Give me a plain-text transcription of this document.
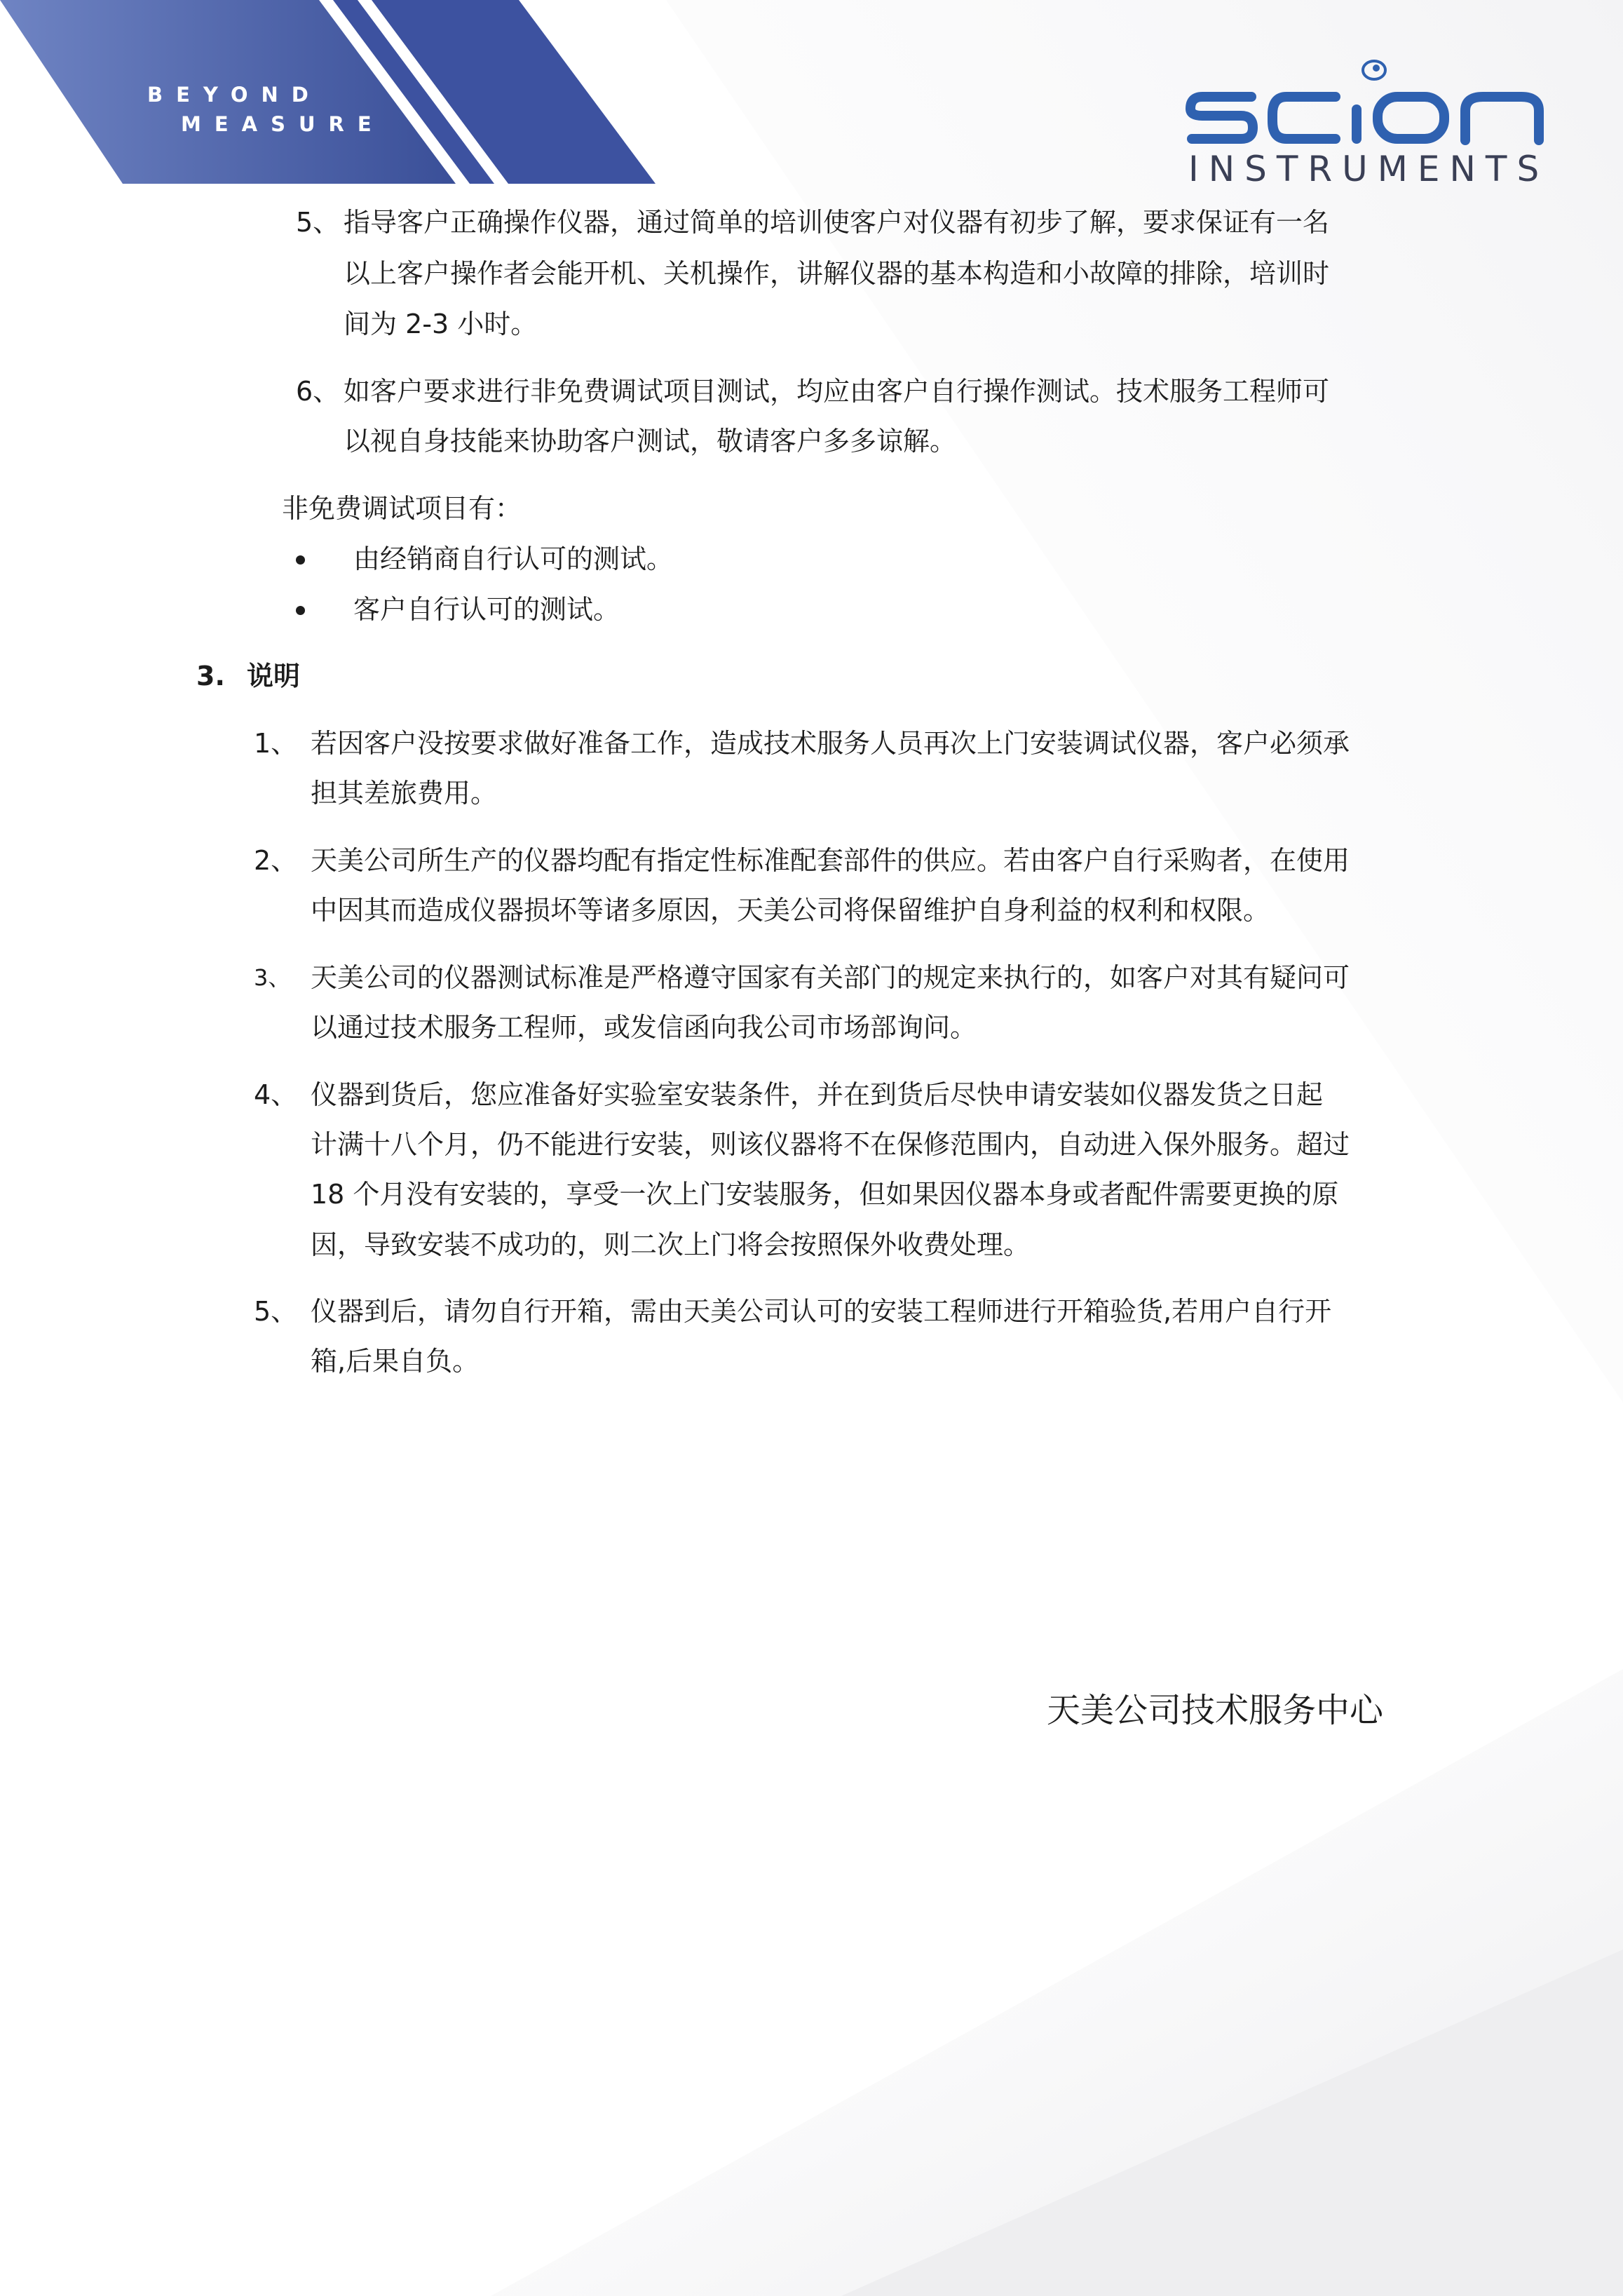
BEYOND
MEASURE
INSTRUMENTS
5、 指导客户正确操作仪器，通过简单的培训使客户对仪器有初步了解，要求保证有一名
以上客户操作者会能开机、关机操作，讲解仪器的基本构造和小故障的排除，培训时
间为 2-3 小时。
6、 如客户要求进行非免费调试项目测试，均应由客户自行操作测试。技术服务工程师可
以视自身技能来协助客户测试，敬请客户多多谅解。
非免费调试项目有：
由经销商自行认可的测试。
客户自行认可的测试。
3. 说明
1、 若因客户没按要求做好准备工作，造成技术服务人员再次上门安装调试仪器，客户必须承
担其差旅费用。
2、 天美公司所生产的仪器均配有指定性标准配套部件的供应。若由客户自行采购者，在使用
中因其而造成仪器损坏等诸多原因，天美公司将保留维护自身利益的权利和权限。
3、 天美公司的仪器测试标准是严格遵守国家有关部门的规定来执行的，如客户对其有疑问可
以通过技术服务工程师，或发信函向我公司市场部询问。
4、 仪器到货后，您应准备好实验室安装条件，并在到货后尽快申请安装如仪器发货之日起
计满十八个月，仍不能进行安装，则该仪器将不在保修范围内，自动进入保外服务。超过
18 个月没有安装的，享受一次上门安装服务，但如果因仪器本身或者配件需要更换的原
因，导致安装不成功的，则二次上门将会按照保外收费处理。
5、 仪器到后，请勿自行开箱，需由天美公司认可的安装工程师进行开箱验货,若用户自行开
箱,后果自负。
天美公司技术服务中心
